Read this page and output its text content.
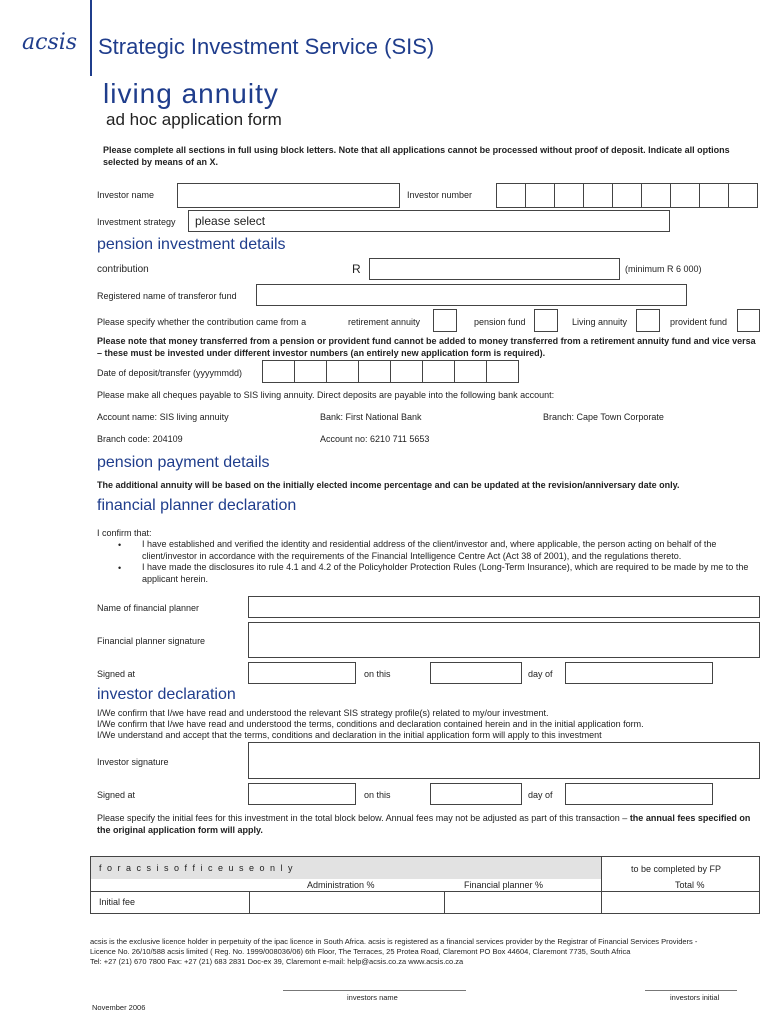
acsis Strategic Investment Service (SIS)
living annuity
ad hoc application form
Please complete all sections in full using block letters. Note that all applications cannot be processed without proof of deposit. Indicate all options selected by means of an X.
Investor name	Investor number
Investment strategy please select
pension investment details
contribution	R	(minimum R 6 000)
Registered name of transferor fund
Please specify whether the contribution came from a	retirement annuity	pension fund	Living annuity	provident fund
Please note that money transferred from a pension or provident fund cannot be added to money transferred from a retirement annuity fund and vice versa – these must be invested under different investor numbers (an entirely new application form is required).
Date of deposit/transfer (yyyymmdd)
Please make all cheques payable to SIS living annuity. Direct deposits are payable into the following bank account:
Account name: SIS living annuity	Bank: First National Bank	Branch: Cape Town Corporate
Branch code: 204109	Account no: 6210 711 5653
pension payment details
The additional annuity will be based on the initially elected income percentage and can be updated at the revision/anniversary date only.
financial planner declaration
I confirm that:
• I have established and verified the identity and residential address of the client/investor and, where applicable, the person acting on behalf of the client/investor in accordance with the requirements of the Financial Intelligence Centre Act (Act 38 of 2001), and the regulations thereto.
• I have made the disclosures ito rule 4.1 and 4.2 of the Policyholder Protection Rules (Long-Term Insurance), which are required to be made by me to the applicant herein.
Name of financial planner
Financial planner signature
Signed at	on this	day of
investor declaration
I/We confirm that I/we have read and understood the relevant SIS strategy profile(s) related to my/our investment.
I/We confirm that I/we have read and understood the terms, conditions and declaration contained herein and in the initial application form.
I/We understand and accept that the terms, conditions and declaration in the initial application form will apply to this investment
Investor signature
Signed at	on this	day of
Please specify the initial fees for this investment in the total block below. Annual fees may not be adjusted as part of this transaction – the annual fees specified on the original application form will apply.
f o r a c s i s o f f i c e u s e o n l y	to be completed by FP
Administration %	Financial planner %	Total %
Initial fee
acsis is the exclusive licence holder in perpetuity of the ipac licence in South Africa. acsis is registered as a financial services provider by the Registrar of Financial Services Providers -
Licence No. 26/10/588 acsis limited ( Reg. No. 1999/008036/06) 6th Floor, The Terraces, 25 Protea Road, Claremont PO Box 44604, Claremont 7735, South Africa
Tel: +27 (21) 670 7800 Fax: +27 (21) 683 2831 Doc-ex 39, Claremont e-mail: help@acsis.co.za www.acsis.co.za
investors name	investors initial
November 2006
